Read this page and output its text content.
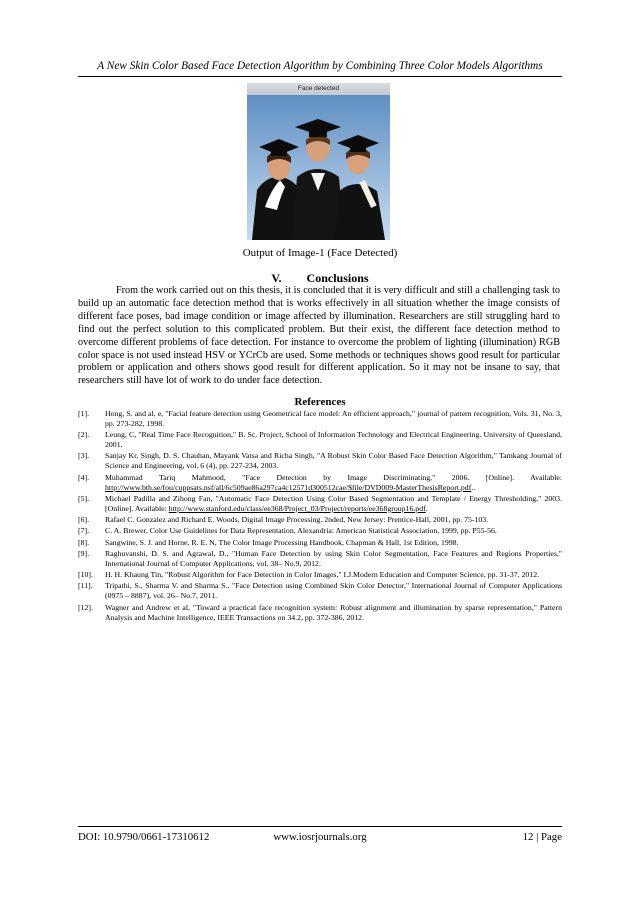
A New Skin Color Based Face Detection Algorithm by Combining Three Color Models Algorithms
Face detected
Output of Image-1 (Face Detected)
V. Conclusions

From the work carried out on this thesis, it is concluded that it is very difficult and still a challenging task to build up an automatic face detection method that is works effectively in all situation whether the image consists of different face poses, bad image condition or image affected by illumination. Researchers are still struggling hard to find out the perfect solution to this complicated problem. But their exist, the different face detection method to overcome different problems of face detection. For instance to overcome the problem of lighting (illumination) RGB color space is not used instead HSV or YCrCb are used. Some methods or techniques shows good result for particular problem or application and others shows good result for different application. So it may not be insane to say, that researchers still have lot of work to do under face detection.

References
[1].	Hong, S. and al, e, "Facial feature detection using Geometrical face model: An efficient approach," journal of pattern recognition, Vols. 31, No. 3, pp. 273-282, 1998.
[2].	Leung, C, "Real Time Face Recognition," B. Sc. Project, School of Information Technology and Electrical Engineering. University of Queesland, 2001.
[3].	Sanjay Kr, Singh, D. S. Chauhan, Mayank Vatsa and Richa Singh, "A Robust Skin Color Based Face Detection Algorithm," Tamkang Journal of Science and Engineering, vol. 6 (4), pp. 227-234, 2003.
[4].	Muhammad Tariq Mahmood, "Face Detection by Image Discriminating," 2006. [Online]. Available: http://www.bth.se/fou/cuppsats.nsf/all/6c509ae86a297ca4c12571d300512cae/$file/DVD009-MasterThesisReport.pdf..
[5].	Michael Padilla and Zihong Fan, "Automatic Face Detection Using Color Based Segmentation and Template / Energy Thresholding," 2003. [Online]. Available: http://www.stanford.edu/class/ee368/Project_03/Project/reports/ee368group16.pdf.
[6].	Rafael C. Gonzalez and Richard E. Woods, Digital Image Processing. 2nded, New Jersey: Prentice-Hall, 2001, pp. 75-103.
[7].	C. A. Brewer, Color Use Guidelines for Data Representation, Alexandria: American Statistical Association, 1999, pp. P55-56.
[8].	Sangwine, S. J. and Horne, R. E. N, The Color Image Processing Handbook, Chapman & Hall, 1st Edition, 1998.
[9].	Raghuvanshi, D. S. and Agrawal, D., "Human Face Detection by using Skin Color Segmentation, Face Features and Regions Properties," International Journal of Computer Applications, vol. 38– No.9, 2012.
[10].	H. H. Khaung Tin, "Robust Algorithm for Face Detection in Color Images," I.J.Modern Education and Computer Science, pp. 31-37, 2012.
[11].	Tripathi, S., Sharma V. and Sharma S., "Face Detection using Combined Skin Color Detector," International Journal of Computer Applications (0975 – 8887), vol. 26– No.7, 2011.
[12].	Wagner and Andrew et al, "Toward a practical face recognition system: Robust alignment and illumination by sparse representation," Pattern Analysis and Machine Intelligence, IEEE Transactions on 34.2, pp. 372-386, 2012.
DOI: 10.9790/0661-17310612	www.iosrjournals.org	12 | Page
